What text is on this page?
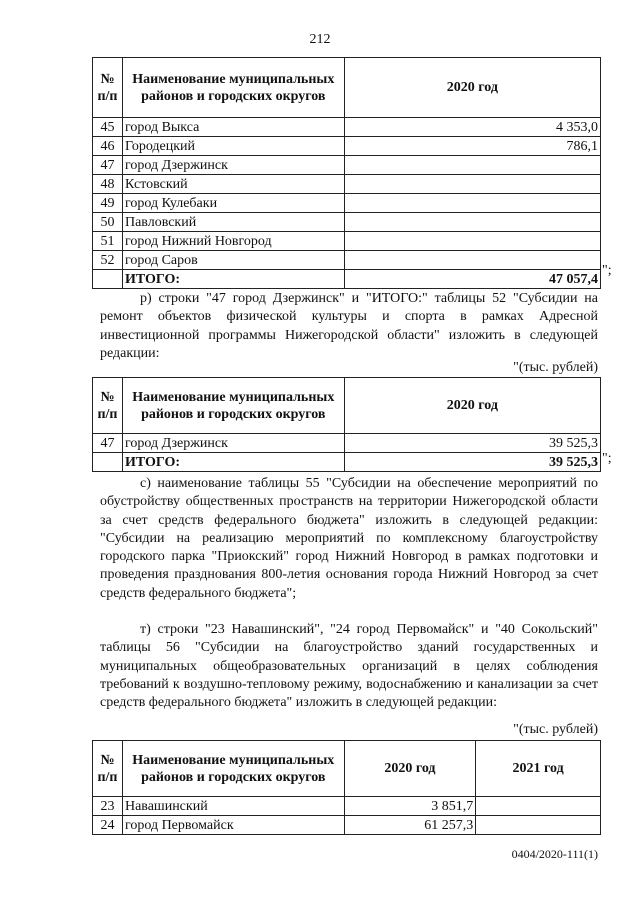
212
№ п/п	Наименование муниципальных районов и городских округов	2020 год
45	город Выкса	4 353,0
46	Городецкий	786,1
47	город Дзержинск	
48	Кстовский	
49	город Кулебаки	
50	Павловский	
51	город Нижний Новгород	
52	город Саров	
	ИТОГО:	47 057,4
";
р) строки "47 город Дзержинск" и "ИТОГО:" таблицы 52 "Субсидии на ремонт объектов физической культуры и спорта в рамках Адресной инвестиционной программы Нижегородской области" изложить в следующей редакции:
"(тыс. рублей)
№ п/п	Наименование муниципальных районов и городских округов	2020 год
47	город Дзержинск	39 525,3
	ИТОГО:	39 525,3 ";
с) наименование таблицы 55 "Субсидии на обеспечение мероприятий по обустройству общественных пространств на территории Нижегородской области за счет средств федерального бюджета" изложить в следующей редакции: "Субсидии на реализацию мероприятий по комплексному благоустройству городского парка "Приокский" город Нижний Новгород в рамках подготовки и проведения празднования 800-летия основания города Нижний Новгород за счет средств федерального бюджета";
т) строки "23 Навашинский", "24 город Первомайск" и "40 Сокольский" таблицы 56 "Субсидии на благоустройство зданий государственных и муниципальных общеобразовательных организаций в целях соблюдения требований к воздушно-тепловому режиму, водоснабжению и канализации за счет средств федерального бюджета" изложить в следующей редакции:
"(тыс. рублей)
№ п/п	Наименование муниципальных районов и городских округов	2020 год	2021 год
23	Навашинский	3 851,7	
24	город Первомайск	61 257,3	
0404/2020-111(1)
